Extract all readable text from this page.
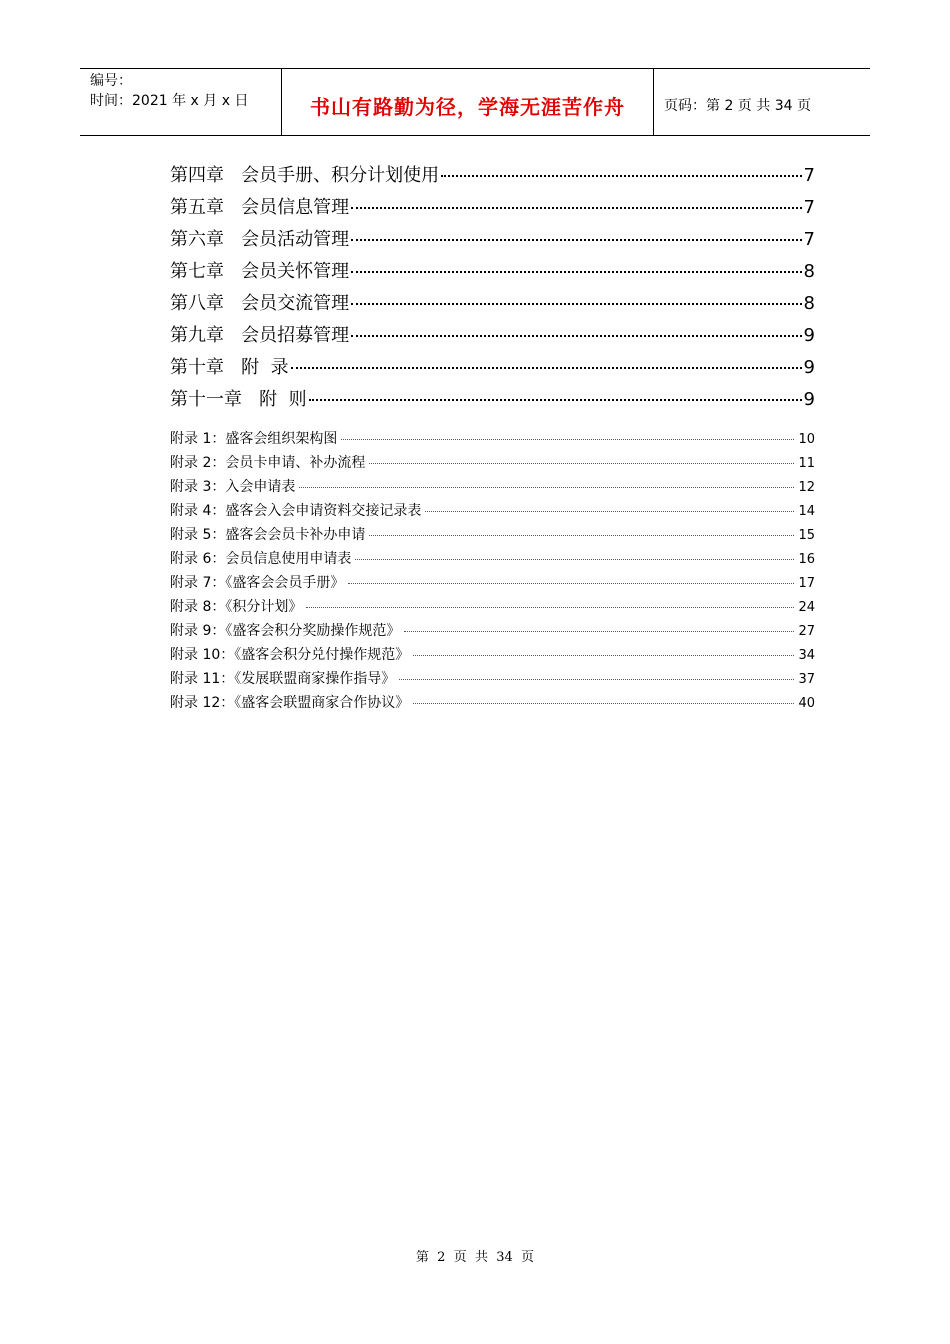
编号：
时间：2021 年 x 月 x 日	书山有路勤为径，学海无涯苦作舟	页码：第 2 页 共 34 页
第四章   会员手册、积分计划使用	7
第五章   会员信息管理	7
第六章   会员活动管理	7
第七章   会员关怀管理	8
第八章   会员交流管理	8
第九章   会员招募管理	9
第十章   附  录	9
第十一章   附  则	9
附录 1：盛客会组织架构图	10
附录 2：会员卡申请、补办流程	11
附录 3：入会申请表	12
附录 4：盛客会入会申请资料交接记录表	14
附录 5：盛客会会员卡补办申请	15
附录 6：会员信息使用申请表	16
附录 7：《盛客会会员手册》	17
附录 8：《积分计划》	24
附录 9：《盛客会积分奖励操作规范》	27
附录 10：《盛客会积分兑付操作规范》	34
附录 11：《发展联盟商家操作指导》	37
附录 12：《盛客会联盟商家合作协议》	40
第  2  页  共  34  页
